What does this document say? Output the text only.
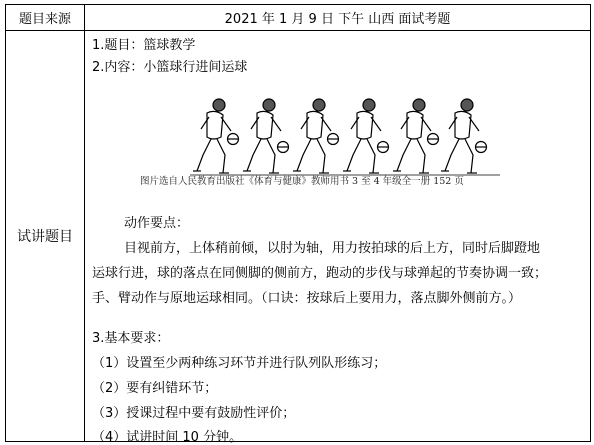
题目来源	2021 年 1 月 9 日 下午 山西 面试考题
试讲题目
1.题目：篮球教学
2.内容：小篮球行进间运球
图片选自人民教育出版社《体育与健康》教师用书 3 至 4 年级全一册 152 页
动作要点：
目视前方，上体稍前倾，以肘为轴，用力按拍球的后上方，同时后脚蹬地
运球行进，球的落点在同侧脚的侧前方，跑动的步伐与球弹起的节奏协调一致；
手、臂动作与原地运球相同。（口诀：按球后上要用力，落点脚外侧前方。）
3.基本要求：
（1）设置至少两种练习环节并进行队列队形练习；
（2）要有纠错环节；
（3）授课过程中要有鼓励性评价；
（4）试讲时间 10 分钟。
